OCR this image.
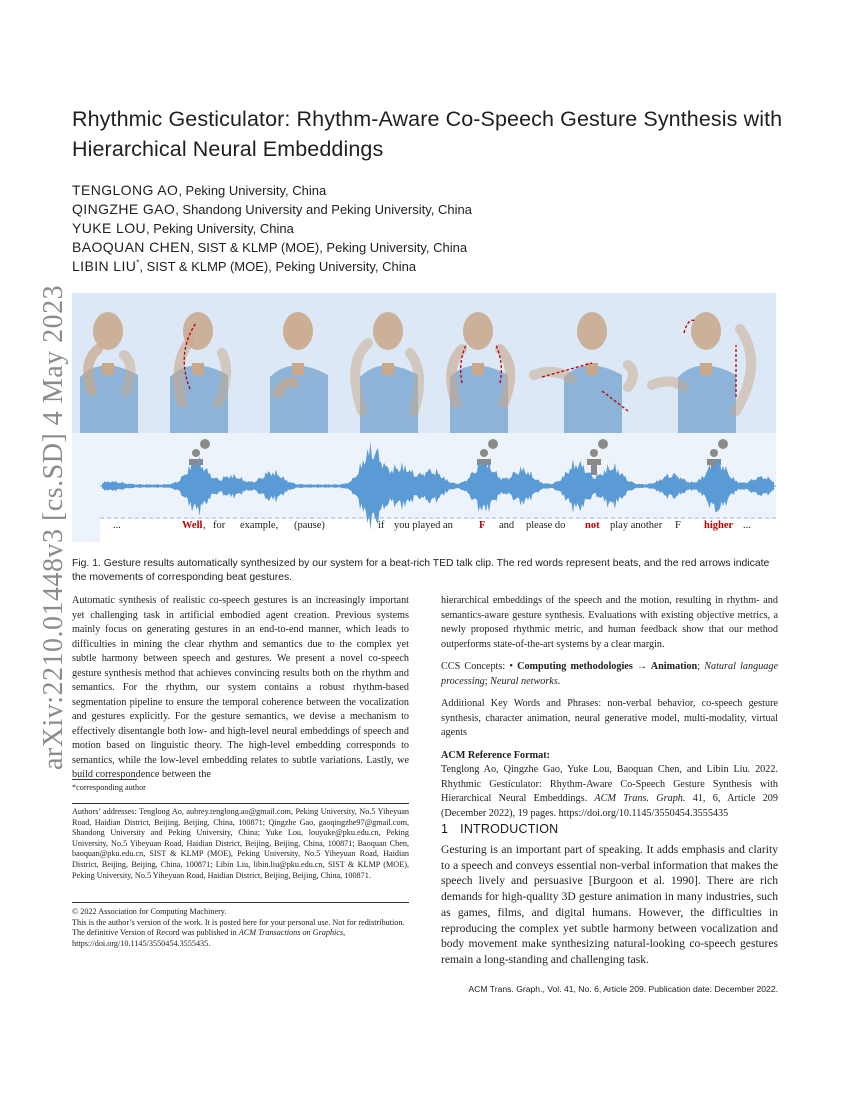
arXiv:2210.01448v3 [cs.SD] 4 May 2023
Rhythmic Gesticulator: Rhythm-Aware Co-Speech Gesture Synthesis with Hierarchical Neural Embeddings
TENGLONG AO, Peking University, China
QINGZHE GAO, Shandong University and Peking University, China
YUKE LOU, Peking University, China
BAOQUAN CHEN, SIST & KLMP (MOE), Peking University, China
LIBIN LIU*, SIST & KLMP (MOE), Peking University, China
...	Well , for example, (pause)	if you played an F and please do not play another F higher ...
Fig. 1. Gesture results automatically synthesized by our system for a beat-rich TED talk clip. The red words represent beats, and the red arrows indicate the movements of corresponding beat gestures.
Automatic synthesis of realistic co-speech gestures is an increasingly important yet challenging task in artificial embodied agent creation. Previous systems mainly focus on generating gestures in an end-to-end manner, which leads to difficulties in mining the clear rhythm and semantics due to the complex yet subtle harmony between speech and gestures. We present a novel co-speech gesture synthesis method that achieves convincing results both on the rhythm and semantics. For the rhythm, our system contains a robust rhythm-based segmentation pipeline to ensure the temporal coherence between the vocalization and gestures explicitly. For the gesture semantics, we devise a mechanism to effectively disentangle both low- and high-level neural embeddings of speech and motion based on linguistic theory. The high-level embedding corresponds to semantics, while the low-level embedding relates to subtle variations. Lastly, we build correspondence between the

hierarchical embeddings of the speech and the motion, resulting in rhythm- and semantics-aware gesture synthesis. Evaluations with existing objective metrics, a newly proposed rhythmic metric, and human feedback show that our method outperforms state-of-the-art systems by a clear margin.

CCS Concepts: • Computing methodologies → Animation; Natural language processing; Neural networks.

Additional Key Words and Phrases: non-verbal behavior, co-speech gesture synthesis, character animation, neural generative model, multi-modality, virtual agents

ACM Reference Format:
Tenglong Ao, Qingzhe Gao, Yuke Lou, Baoquan Chen, and Libin Liu. 2022. Rhythmic Gesticulator: Rhythm-Aware Co-Speech Gesture Synthesis with Hierarchical Neural Embeddings. ACM Trans. Graph. 41, 6, Article 209 (December 2022), 19 pages. https://doi.org/10.1145/3550454.3555435

*corresponding author
Authors’ addresses: Tenglong Ao, aubrey.tenglong.ao@gmail.com, Peking University, No.5 Yiheyuan Road, Haidian District, Beijing, Beijing, China, 100871; Qingzhe Gao, gaoqingzhe97@gmail.com, Shandong University and Peking University, China; Yuke Lou, louyuke@pku.edu.cn, Peking University, No.5 Yiheyuan Road, Haidian District, Beijing, Beijing, China, 100871; Baoquan Chen, baoquan@pku.edu.cn, SIST & KLMP (MOE), Peking University, No.5 Yiheyuan Road, Haidian District, Beijing, Beijing, China, 100871; Libin Liu, libin.liu@pku.edu.cn, SIST & KLMP (MOE), Peking University, No.5 Yiheyuan Road, Haidian District, Beijing, Beijing, China, 100871.
© 2022 Association for Computing Machinery.
This is the author’s version of the work. It is posted here for your personal use. Not for redistribution. The definitive Version of Record was published in ACM Transactions on Graphics, https://doi.org/10.1145/3550454.3555435.
1 INTRODUCTION
Gesturing is an important part of speaking. It adds emphasis and clarity to a speech and conveys essential non-verbal information that makes the speech lively and persuasive [Burgoon et al. 1990]. There are rich demands for high-quality 3D gesture animation in many industries, such as games, films, and digital humans. However, the difficulties in reproducing the complex yet subtle harmony between vocalization and body movement make synthesizing natural-looking co-speech gestures remain a long-standing and challenging task.
ACM Trans. Graph., Vol. 41, No. 6, Article 209. Publication date: December 2022.
